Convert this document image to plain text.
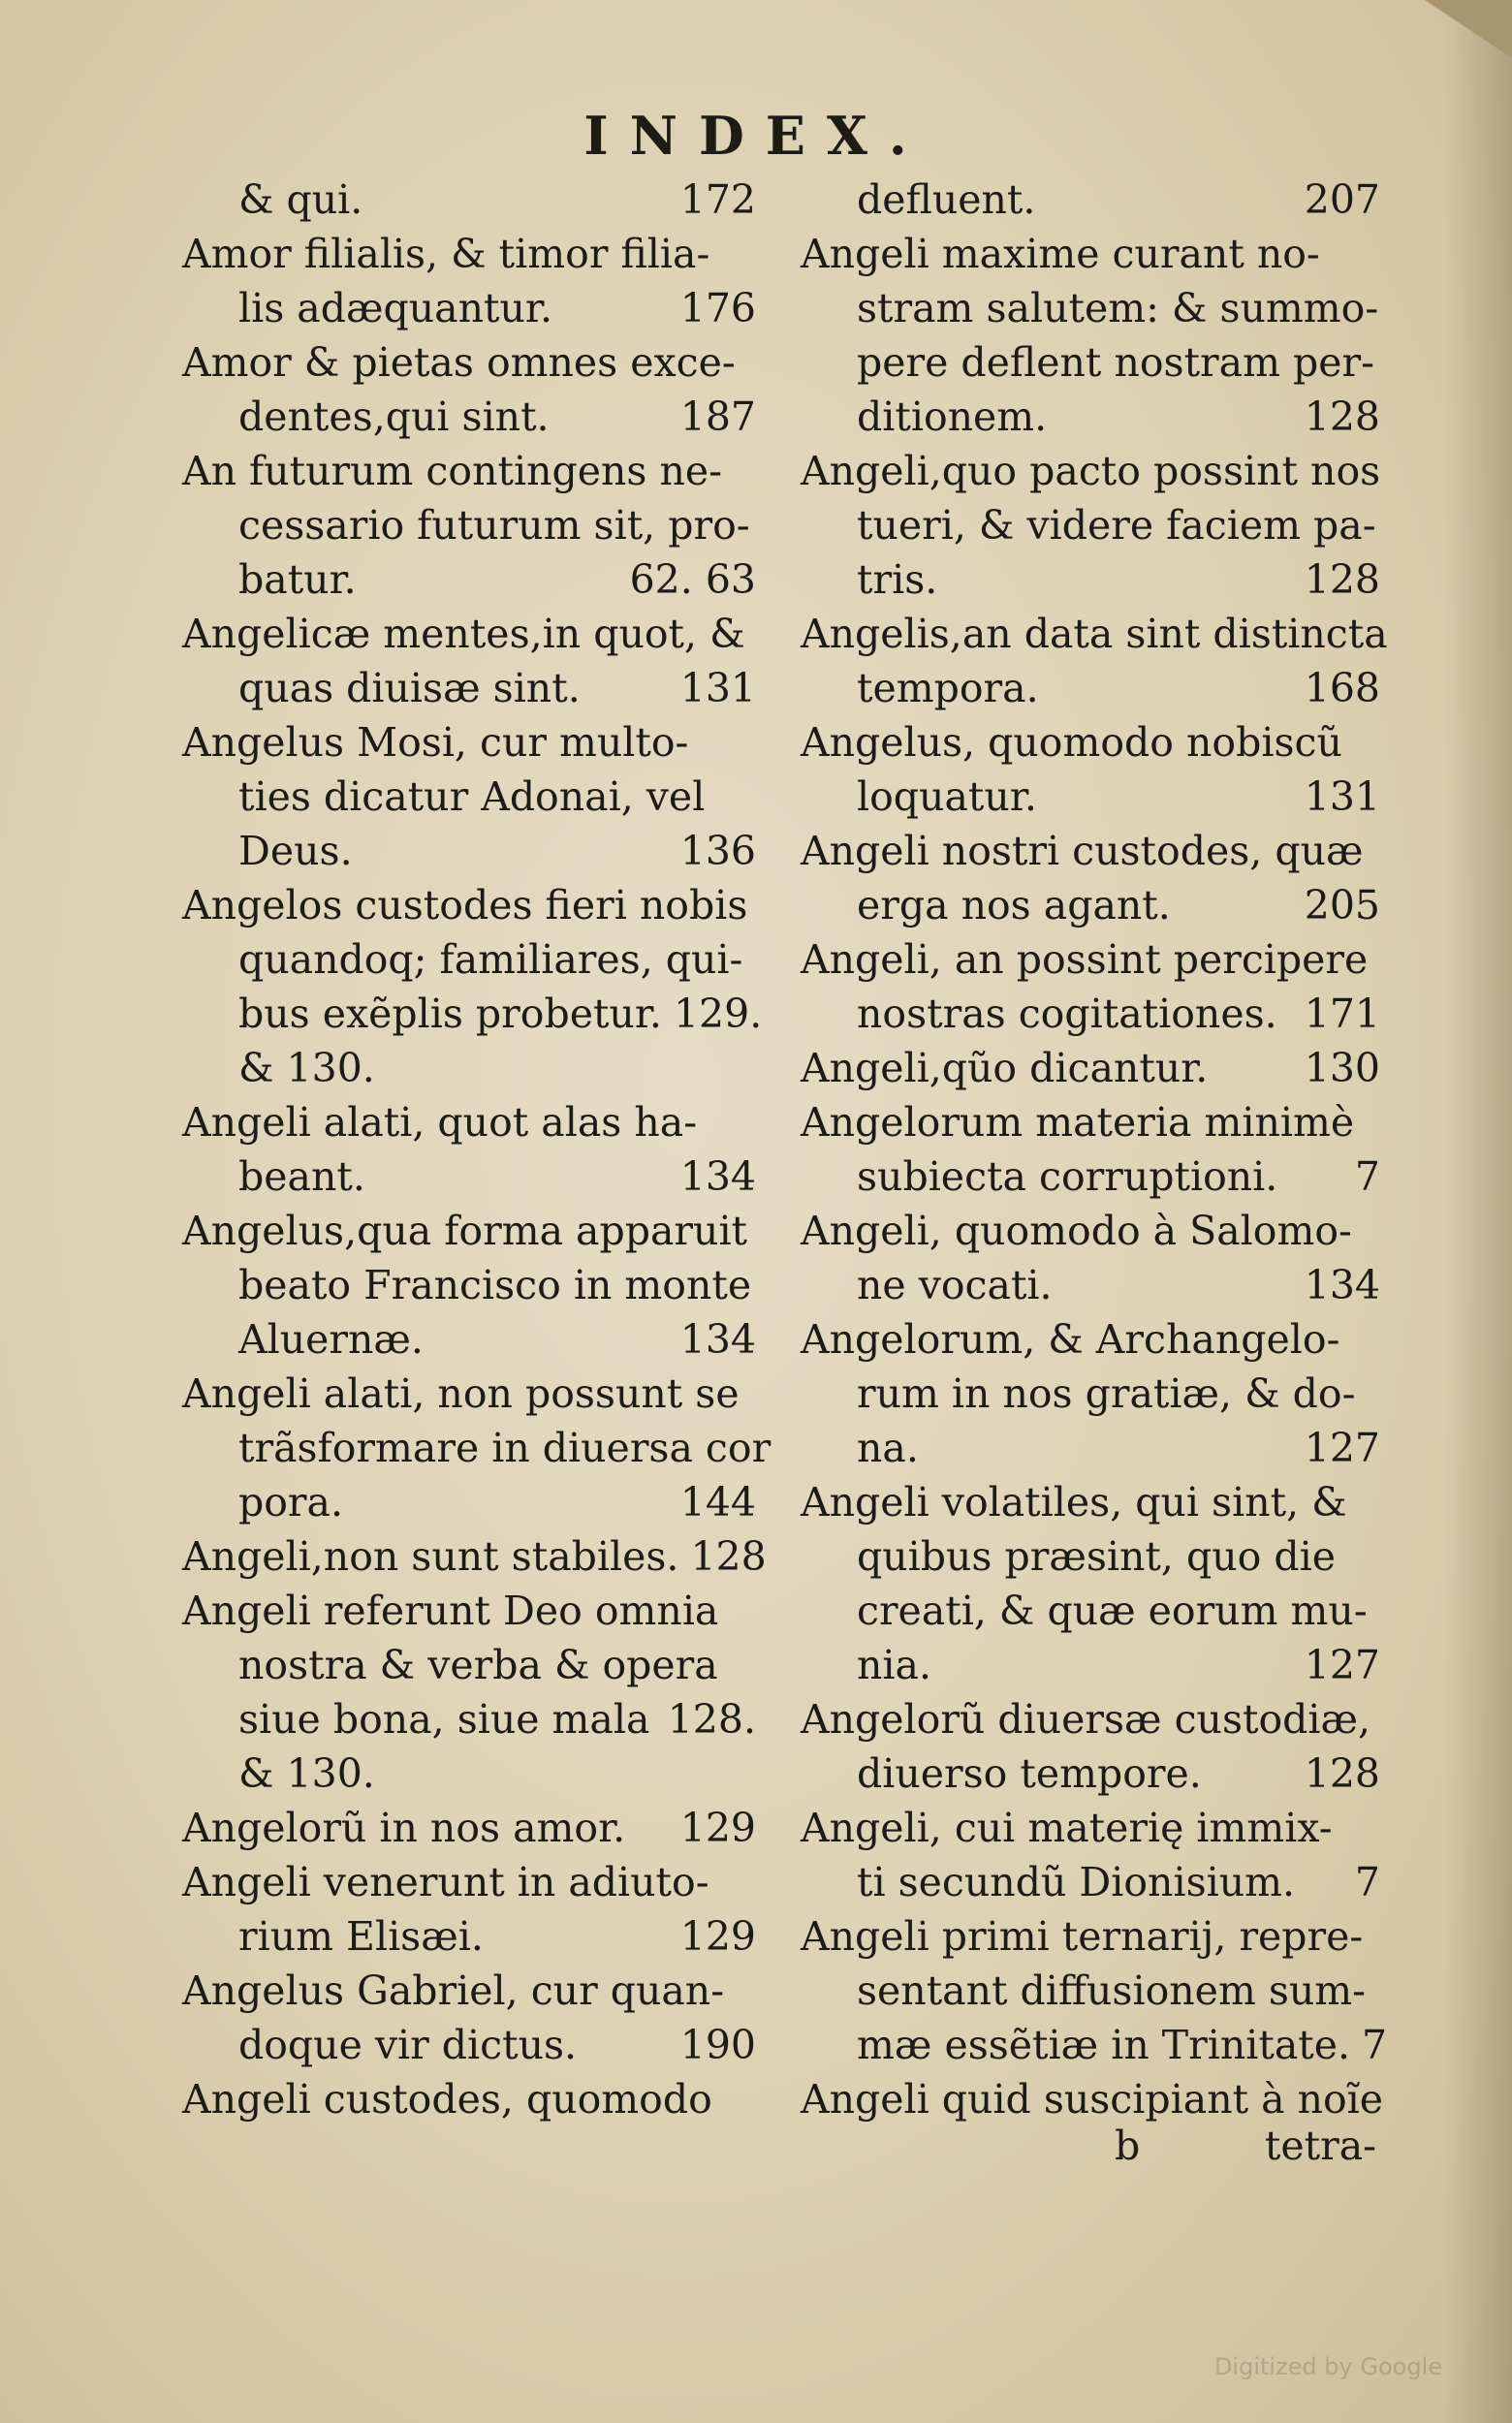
INDEX.
& qui.	172
Amor filialis, & timor filia-
lis adæquantur.	176
Amor & pietas omnes exce-
dentes,qui sint.	187
An futurum contingens ne-
cessario futurum sit, pro-
batur.	62. 63
Angelicæ mentes,in quot, &
quas diuisæ sint.	131
Angelus Mosi, cur multo-
ties dicatur Adonai, vel
Deus.	136
Angelos custodes fieri nobis
quandoq; familiares, qui-
bus exẽplis probetur. 129.
& 130.
Angeli alati, quot alas ha-
beant.	134
Angelus,qua forma apparuit
beato Francisco in monte
Aluernæ.	134
Angeli alati, non possunt se
trãsformare in diuersa cor
pora.	144
Angeli,non sunt stabiles. 128
Angeli referunt Deo omnia
nostra & verba & opera
siue bona, siue mala 128.
& 130.
Angelorũ in nos amor. 129
Angeli venerunt in adiuto-
rium Elisæi.	129
Angelus Gabriel, cur quan-
doque vir dictus.	190
Angeli custodes, quomodo
defluent.	207
Angeli maxime curant no-
stram salutem: & summo-
pere deflent nostram per-
ditionem.	128
Angeli,quo pacto possint nos
tueri, & videre faciem pa-
tris.	128
Angelis,an data sint distincta
tempora.	168
Angelus, quomodo nobiscũ
loquatur.	131
Angeli nostri custodes, quæ
erga nos agant.	205
Angeli, an possint percipere
nostras cogitationes. 171
Angeli,qũo dicantur. 130
Angelorum materia minimè
subiecta corruptioni. 7
Angeli, quomodo à Salomo-
ne vocati.	134
Angelorum, & Archangelo-
rum in nos gratiæ, & do-
na.	127
Angeli volatiles, qui sint, &
quibus præsint, quo die
creati, & quæ eorum mu-
nia.	127
Angelorũ diuersæ custodiæ,
diuerso tempore.	128
Angeli, cui materię immix-
ti secundũ Dionisium. 7
Angeli primi ternarij, repre-
sentant diffusionem sum-
mæ essẽtiæ in Trinitate. 7
Angeli quid suscipiant à noĩe
b	tetra-
Digitized by Google
